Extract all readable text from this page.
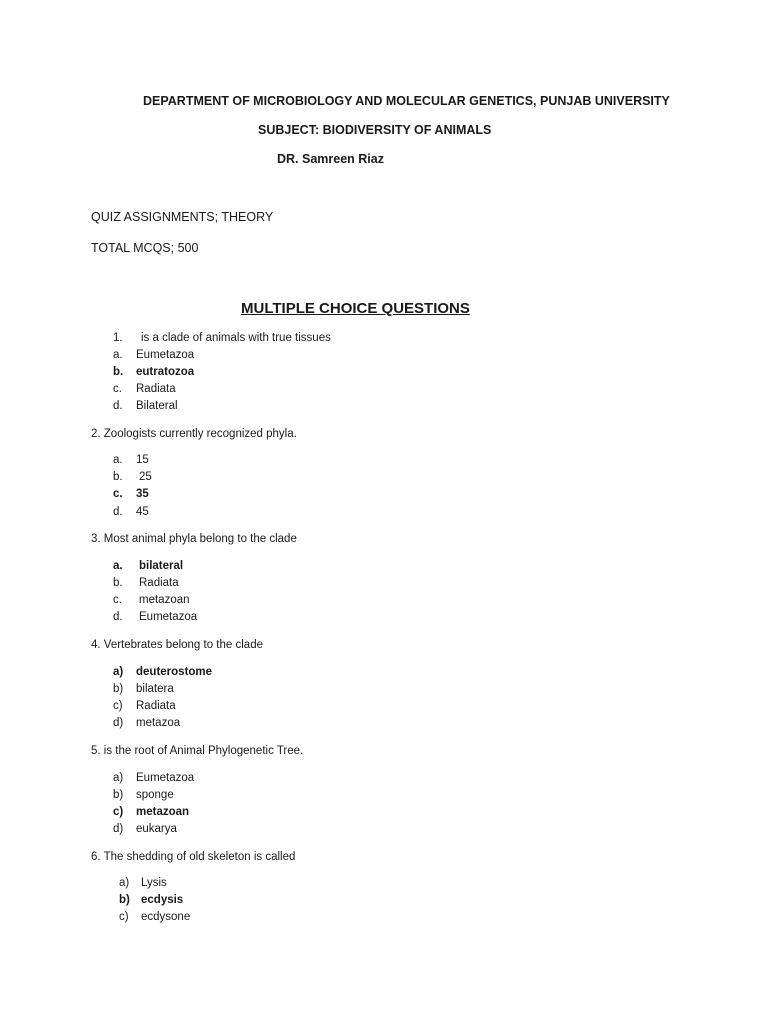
DEPARTMENT OF MICROBIOLOGY AND MOLECULAR GENETICS, PUNJAB UNIVERSITY
SUBJECT: BIODIVERSITY OF ANIMALS
DR. Samreen Riaz
QUIZ ASSIGNMENTS; THEORY
TOTAL MCQS; 500
MULTIPLE CHOICE QUESTIONS
1. is a clade of animals with true tissues
a. Eumetazoa
b. eutratozoa
c. Radiata
d. Bilateral
2. Zoologists currently recognized phyla.
a. 15
b. 25
c. 35
d. 45
3. Most animal phyla belong to the clade
a. bilateral
b. Radiata
c. metazoan
d. Eumetazoa
4. Vertebrates belong to the clade
a) deuterostome
b) bilatera
c) Radiata
d) metazoa
5. is the root of Animal Phylogenetic Tree.
a) Eumetazoa
b) sponge
c) metazoan
d) eukarya
6. The shedding of old skeleton is called
a) Lysis
b) ecdysis
c) ecdysone
